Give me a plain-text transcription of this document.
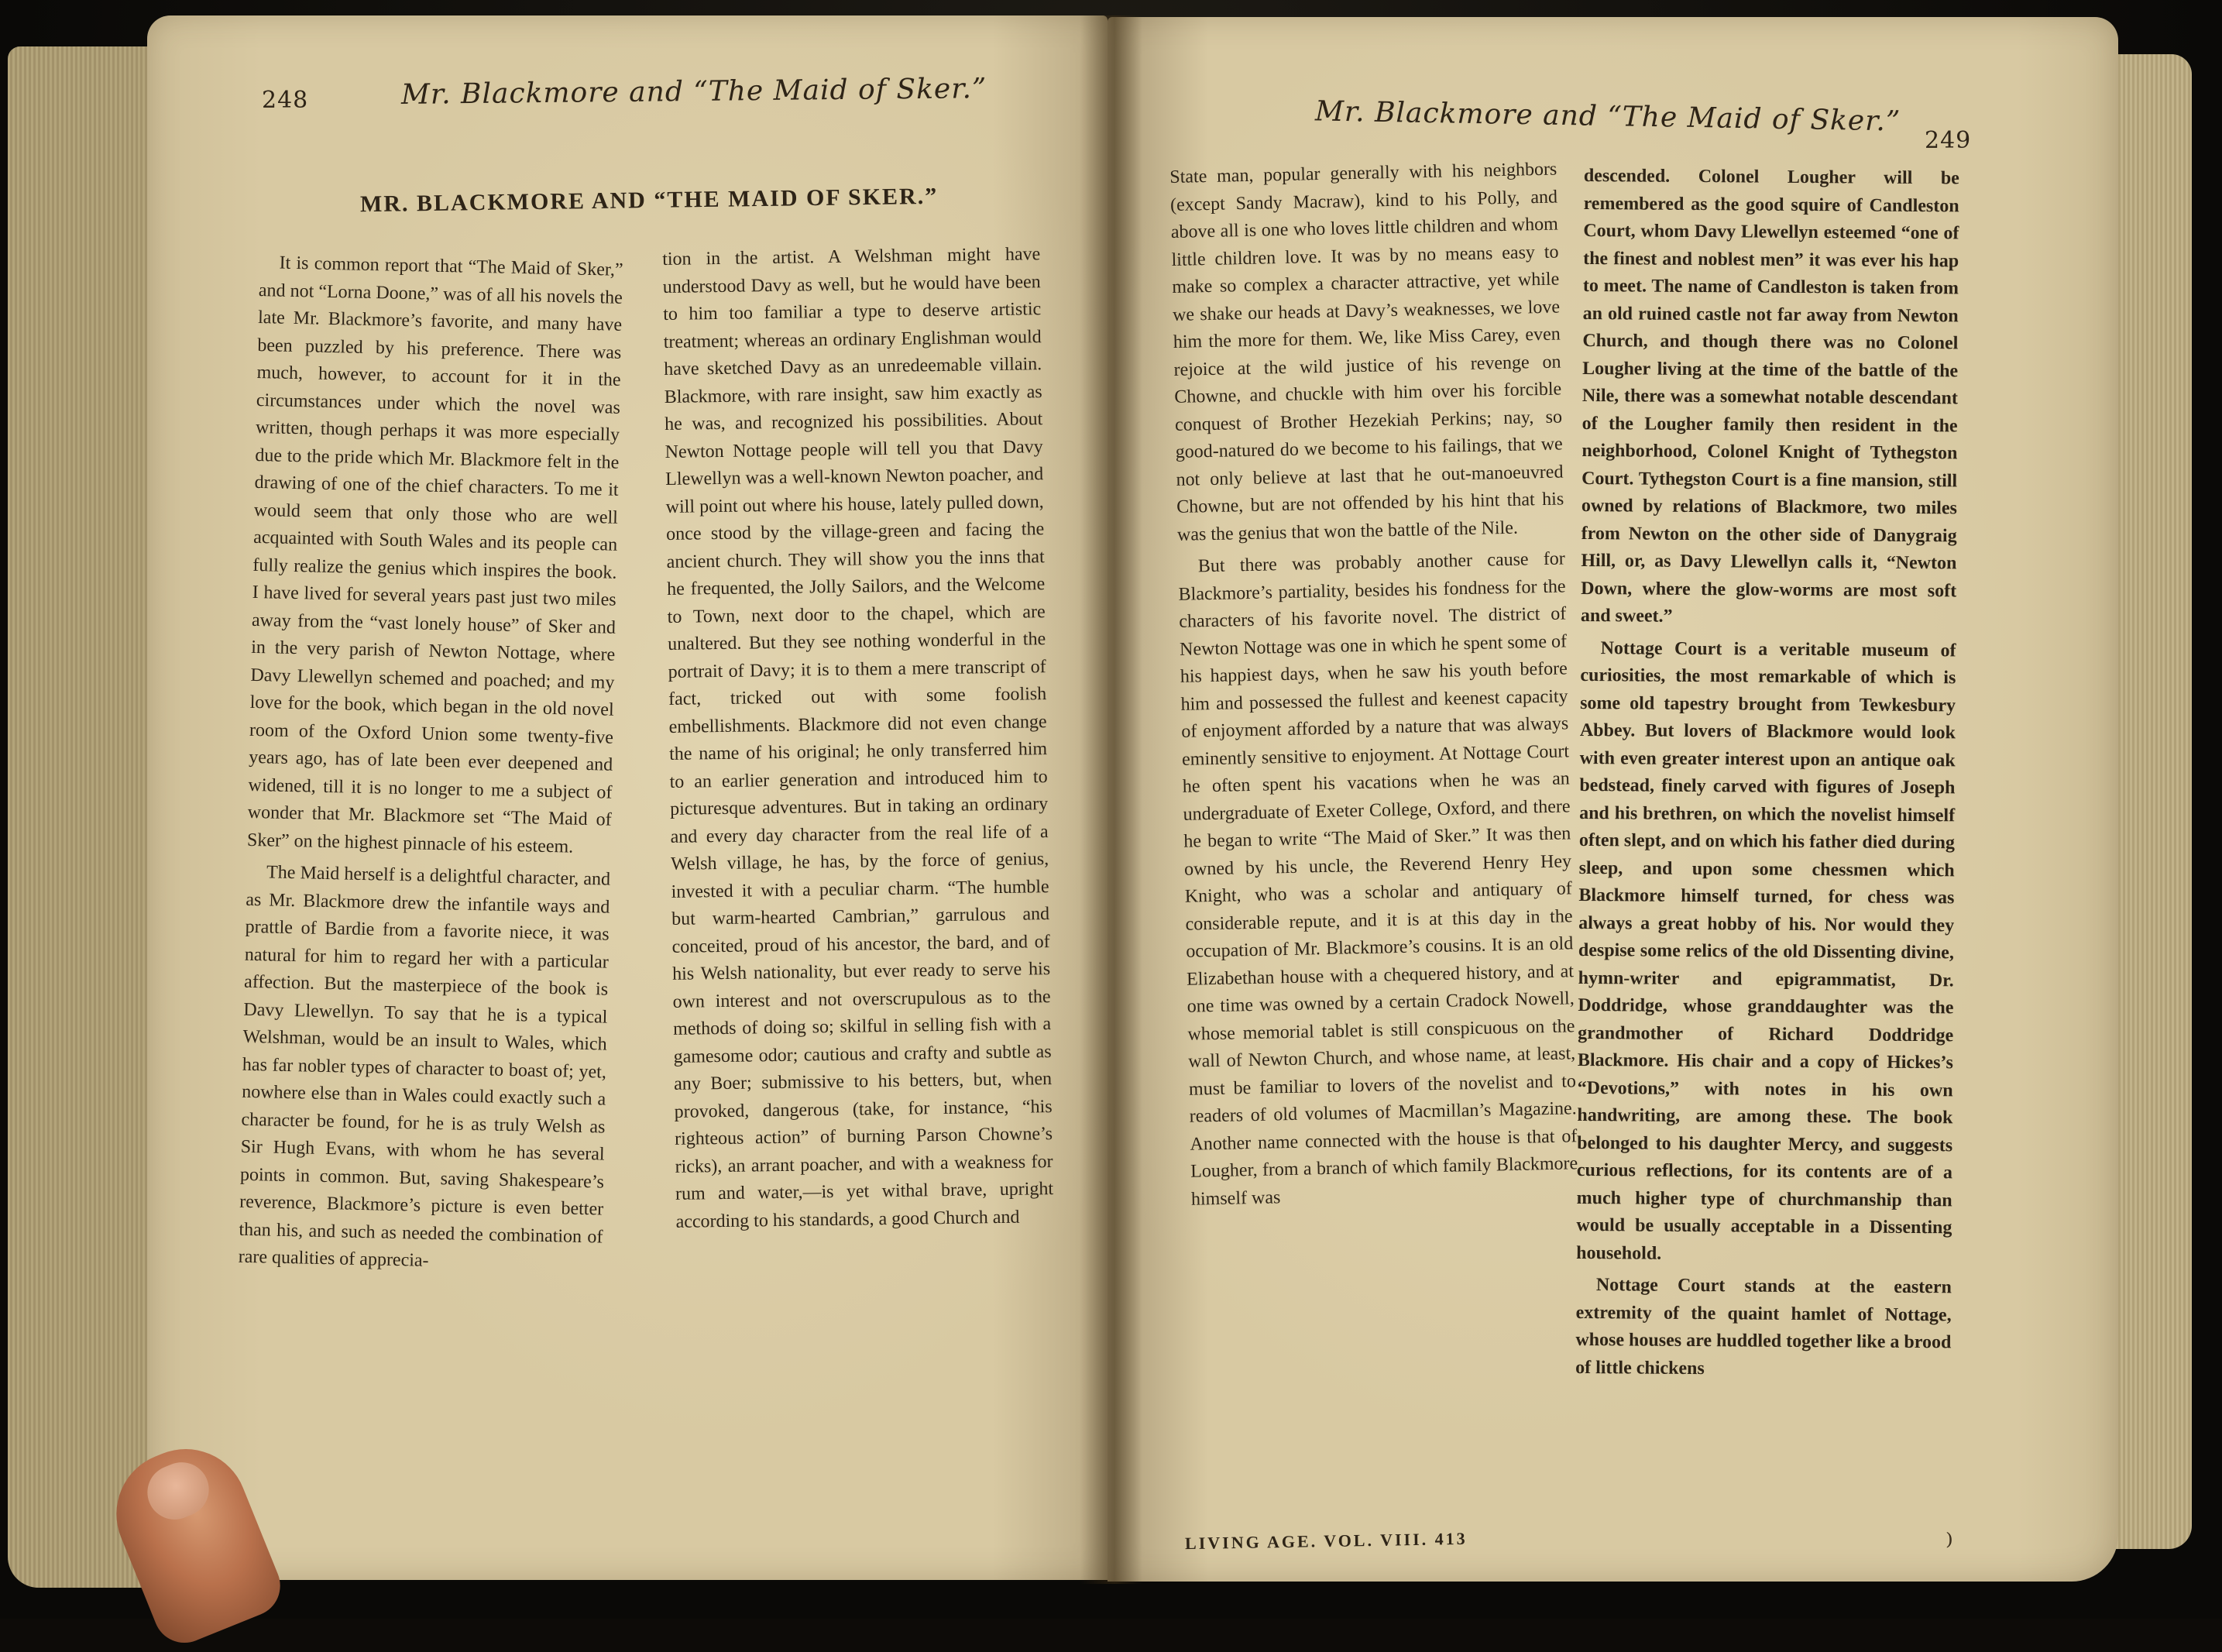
248	Mr. Blackmore and “The Maid of Sker.”
MR. BLACKMORE AND “THE MAID OF SKER.”

It is common report that “The Maid of Sker,” and not “Lorna Doone,” was of all his novels the late Mr. Blackmore’s favorite, and many have been puzzled by his preference. There was much, however, to account for it in the circumstances under which the novel was written, though perhaps it was more especially due to the pride which Mr. Blackmore felt in the drawing of one of the chief characters. To me it would seem that only those who are well acquainted with South Wales and its people can fully realize the genius which inspires the book. I have lived for several years past just two miles away from the “vast lonely house” of Sker and in the very parish of Newton Nottage, where Davy Llewellyn schemed and poached; and my love for the book, which began in the old novel room of the Oxford Union some twenty-five years ago, has of late been ever deepened and widened, till it is no longer to me a subject of wonder that Mr. Blackmore set “The Maid of Sker” on the highest pinnacle of his esteem.

The Maid herself is a delightful character, and as Mr. Blackmore drew the infantile ways and prattle of Bardie from a favorite niece, it was natural for him to regard her with a particular affection. But the masterpiece of the book is Davy Llewellyn. To say that he is a typical Welshman, would be an insult to Wales, which has far nobler types of character to boast of; yet, nowhere else than in Wales could exactly such a character be found, for he is as truly Welsh as Sir Hugh Evans, with whom he has several points in common. But, saving Shakespeare’s reverence, Blackmore’s picture is even better than his, and such as needed the combination of rare qualities of apprecia-

tion in the artist. A Welshman might have understood Davy as well, but he would have been to him too familiar a type to deserve artistic treatment; whereas an ordinary Englishman would have sketched Davy as an unredeemable villain. Blackmore, with rare insight, saw him exactly as he was, and recognized his possibilities. About Newton Nottage people will tell you that Davy Llewellyn was a well-known Newton poacher, and will point out where his house, lately pulled down, once stood by the village-green and facing the ancient church. They will show you the inns that he frequented, the Jolly Sailors, and the Welcome to Town, next door to the chapel, which are unaltered. But they see nothing wonderful in the portrait of Davy; it is to them a mere transcript of fact, tricked out with some foolish embellishments. Blackmore did not even change the name of his original; he only transferred him to an earlier generation and introduced him to picturesque adventures. But in taking an ordinary and every day character from the real life of a Welsh village, he has, by the force of genius, invested it with a peculiar charm. “The humble but warm-hearted Cambrian,” garrulous and conceited, proud of his ancestor, the bard, and of his Welsh nationality, but ever ready to serve his own interest and not overscrupulous as to the methods of doing so; skilful in selling fish with a gamesome odor; cautious and crafty and subtle as any Boer; submissive to his betters, but, when provoked, dangerous (take, for instance, “his righteous action” of burning Parson Chowne’s ricks), an arrant poacher, and with a weakness for rum and water,—is yet withal brave, upright according to his standards, a good Church and

Mr. Blackmore and “The Maid of Sker.”
249

State man, popular generally with his neighbors (except Sandy Macraw), kind to his Polly, and above all is one who loves little children and whom little children love. It was by no means easy to make so complex a character attractive, yet while we shake our heads at Davy’s weaknesses, we love him the more for them. We, like Miss Carey, even rejoice at the wild justice of his revenge on Chowne, and chuckle with him over his forcible conquest of Brother Hezekiah Perkins; nay, so good-natured do we become to his failings, that we not only believe at last that he out-manoeuvred Chowne, but are not offended by his hint that his was the genius that won the battle of the Nile.

But there was probably another cause for Blackmore’s partiality, besides his fondness for the characters of his favorite novel. The district of Newton Nottage was one in which he spent some of his happiest days, when he saw his youth before him and possessed the fullest and keenest capacity of enjoyment afforded by a nature that was always eminently sensitive to enjoyment. At Nottage Court he often spent his vacations when he was an undergraduate of Exeter College, Oxford, and there he began to write “The Maid of Sker.” It was then owned by his uncle, the Reverend Henry Hey Knight, who was a scholar and antiquary of considerable repute, and it is at this day in the occupation of Mr. Blackmore’s cousins. It is an old Elizabethan house with a chequered history, and at one time was owned by a certain Cradock Nowell, whose memorial tablet is still conspicuous on the wall of Newton Church, and whose name, at least, must be familiar to lovers of the novelist and to readers of old volumes of Macmillan’s Magazine. Another name connected with the house is that of Lougher, from a branch of which family Blackmore himself was

descended. Colonel Lougher will be remembered as the good squire of Candleston Court, whom Davy Llewellyn esteemed “one of the finest and noblest men” it was ever his hap to meet. The name of Candleston is taken from an old ruined castle not far away from Newton Church, and though there was no Colonel Lougher living at the time of the battle of the Nile, there was a somewhat notable descendant of the Lougher family then resident in the neighborhood, Colonel Knight of Tythegston Court. Tythegston Court is a fine mansion, still owned by relations of Blackmore, two miles from Newton on the other side of Danygraig Hill, or, as Davy Llewellyn calls it, “Newton Down, where the glow-worms are most soft and sweet.”

Nottage Court is a veritable museum of curiosities, the most remarkable of which is some old tapestry brought from Tewkesbury Abbey. But lovers of Blackmore would look with even greater interest upon an antique oak bedstead, finely carved with figures of Joseph and his brethren, on which the novelist himself often slept, and on which his father died during sleep, and upon some chessmen which Blackmore himself turned, for chess was always a great hobby of his. Nor would they despise some relics of the old Dissenting divine, hymn-writer and epigrammatist, Dr. Doddridge, whose granddaughter was the grandmother of Richard Doddridge Blackmore. His chair and a copy of Hickes’s “Devotions,” with notes in his own handwriting, are among these. The book belonged to his daughter Mercy, and suggests curious reflections, for its contents are of a much higher type of churchmanship than would be usually acceptable in a Dissenting household.

Nottage Court stands at the eastern extremity of the quaint hamlet of Nottage, whose houses are huddled together like a brood of little chickens

LIVING AGE. VOL. VIII. 413	⁾
